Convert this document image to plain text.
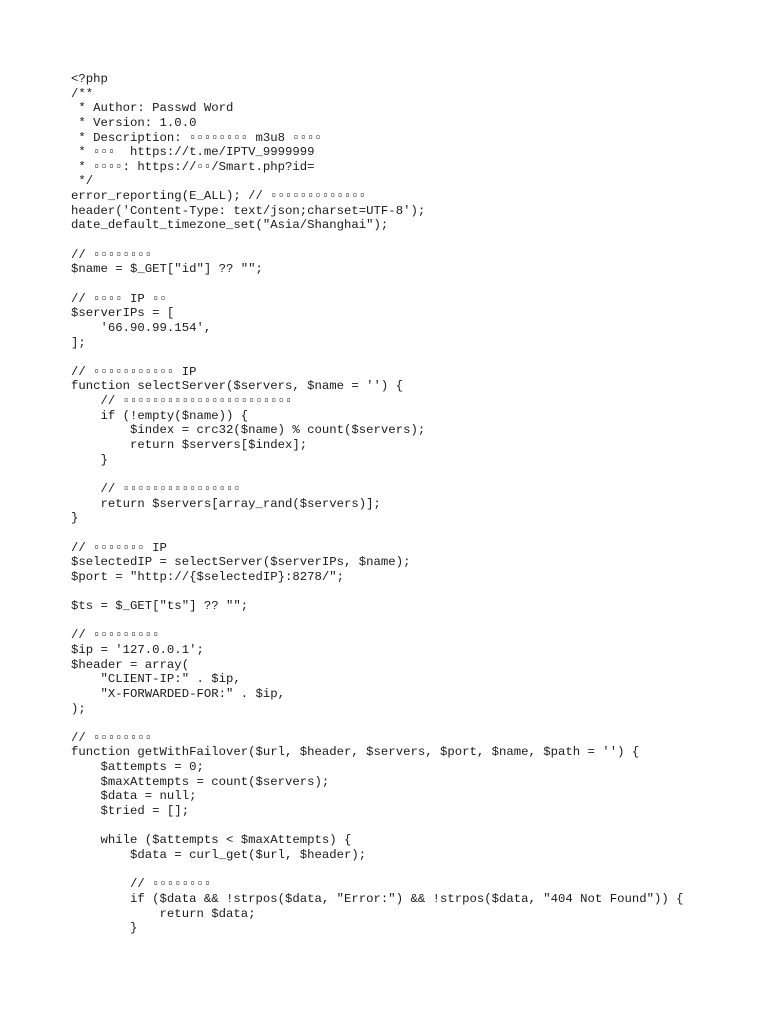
<?php
/**
* Author: Passwd Word
* Version: 1.0.0
* Description: ▫▫▫▫▫▫▫▫ m3u8 ▫▫▫▫
* ▫▫▫  https://t.me/IPTV_9999999
* ▫▫▫▫: https://▫▫/Smart.php?id=
*/
error_reporting(E_ALL); // ▫▫▫▫▫▫▫▫▫▫▫▫▫
header('Content-Type: text/json;charset=UTF-8');
date_default_timezone_set("Asia/Shanghai");
// ▫▫▫▫▫▫▫▫
$name = $_GET["id"] ?? "";
// ▫▫▫▫ IP ▫▫
$serverIPs = [
'66.90.99.154',
];
// ▫▫▫▫▫▫▫▫▫▫▫ IP
function selectServer($servers, $name = '') {
// ▫▫▫▫▫▫▫▫▫▫▫▫▫▫▫▫▫▫▫▫▫▫▫
if (!empty($name)) {
$index = crc32($name) % count($servers);
return $servers[$index];
}
// ▫▫▫▫▫▫▫▫▫▫▫▫▫▫▫▫
return $servers[array_rand($servers)];
}
// ▫▫▫▫▫▫▫ IP
$selectedIP = selectServer($serverIPs, $name);
$port = "http://{$selectedIP}:8278/";
$ts = $_GET["ts"] ?? "";
// ▫▫▫▫▫▫▫▫▫
$ip = '127.0.0.1';
$header = array(
"CLIENT-IP:" . $ip,
"X-FORWARDED-FOR:" . $ip,
);
// ▫▫▫▫▫▫▫▫
function getWithFailover($url, $header, $servers, $port, $name, $path = '') {
$attempts = 0;
$maxAttempts = count($servers);
$data = null;
$tried = [];
while ($attempts < $maxAttempts) {
$data = curl_get($url, $header);
// ▫▫▫▫▫▫▫▫
if ($data && !strpos($data, "Error:") && !strpos($data, "404 Not Found")) {
return $data;
}
